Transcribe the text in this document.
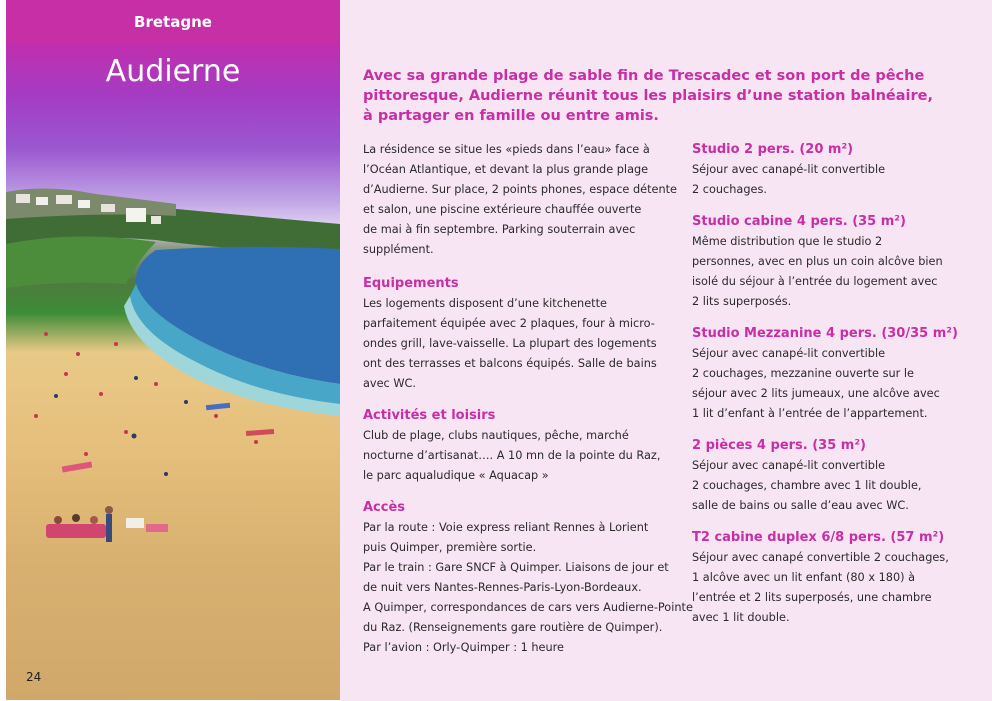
Bretagne
Audierne
24

Avec sa grande plage de sable fin de Trescadec et son port de pêche

pittoresque, Audierne réunit tous les plaisirs d’une station balnéaire,

à partager en famille ou entre amis.

La résidence se situe les «pieds dans l’eau» face à

l’Océan Atlantique, et devant la plus grande plage

d’Audierne. Sur place, 2 points phones, espace détente

et salon, une piscine extérieure chauffée ouverte

de mai à fin septembre. Parking souterrain avec

supplément.

Equipements

Les logements disposent d’une kitchenette

parfaitement équipée avec 2 plaques, four à micro-

ondes grill, lave-vaisselle. La plupart des logements

ont des terrasses et balcons équipés. Salle de bains

avec WC.

Activités et loisirs

Club de plage, clubs nautiques, pêche, marché

nocturne d’artisanat…. A 10 mn de la pointe du Raz,

le parc aqualudique « Aquacap »

Accès

Par la route : Voie express reliant Rennes à Lorient

puis Quimper, première sortie.

Par le train : Gare SNCF à Quimper. Liaisons de jour et

de nuit vers Nantes-Rennes-Paris-Lyon-Bordeaux.

A Quimper, correspondances de cars vers Audierne-Pointe

du Raz. (Renseignements gare routière de Quimper).

Par l’avion : Orly-Quimper : 1 heure

Studio 2 pers. (20 m²)

Séjour avec canapé-lit convertible

2 couchages.

Studio cabine 4 pers. (35 m²)

Même distribution que le studio 2

personnes, avec en plus un coin alcôve bien

isolé du séjour à l’entrée du logement avec

2 lits superposés.

Studio Mezzanine 4 pers. (30/35 m²)

Séjour avec canapé-lit convertible

2 couchages, mezzanine ouverte sur le

séjour avec 2 lits jumeaux, une alcôve avec

1 lit d’enfant à l’entrée de l’appartement.

2 pièces 4 pers. (35 m²)

Séjour avec canapé-lit convertible

2 couchages, chambre avec 1 lit double,

salle de bains ou salle d’eau avec WC.

T2 cabine duplex 6/8 pers. (57 m²)

Séjour avec canapé convertible 2 couchages,

1 alcôve avec un lit enfant (80 x 180) à

l’entrée et 2 lits superposés, une chambre

avec 1 lit double.
